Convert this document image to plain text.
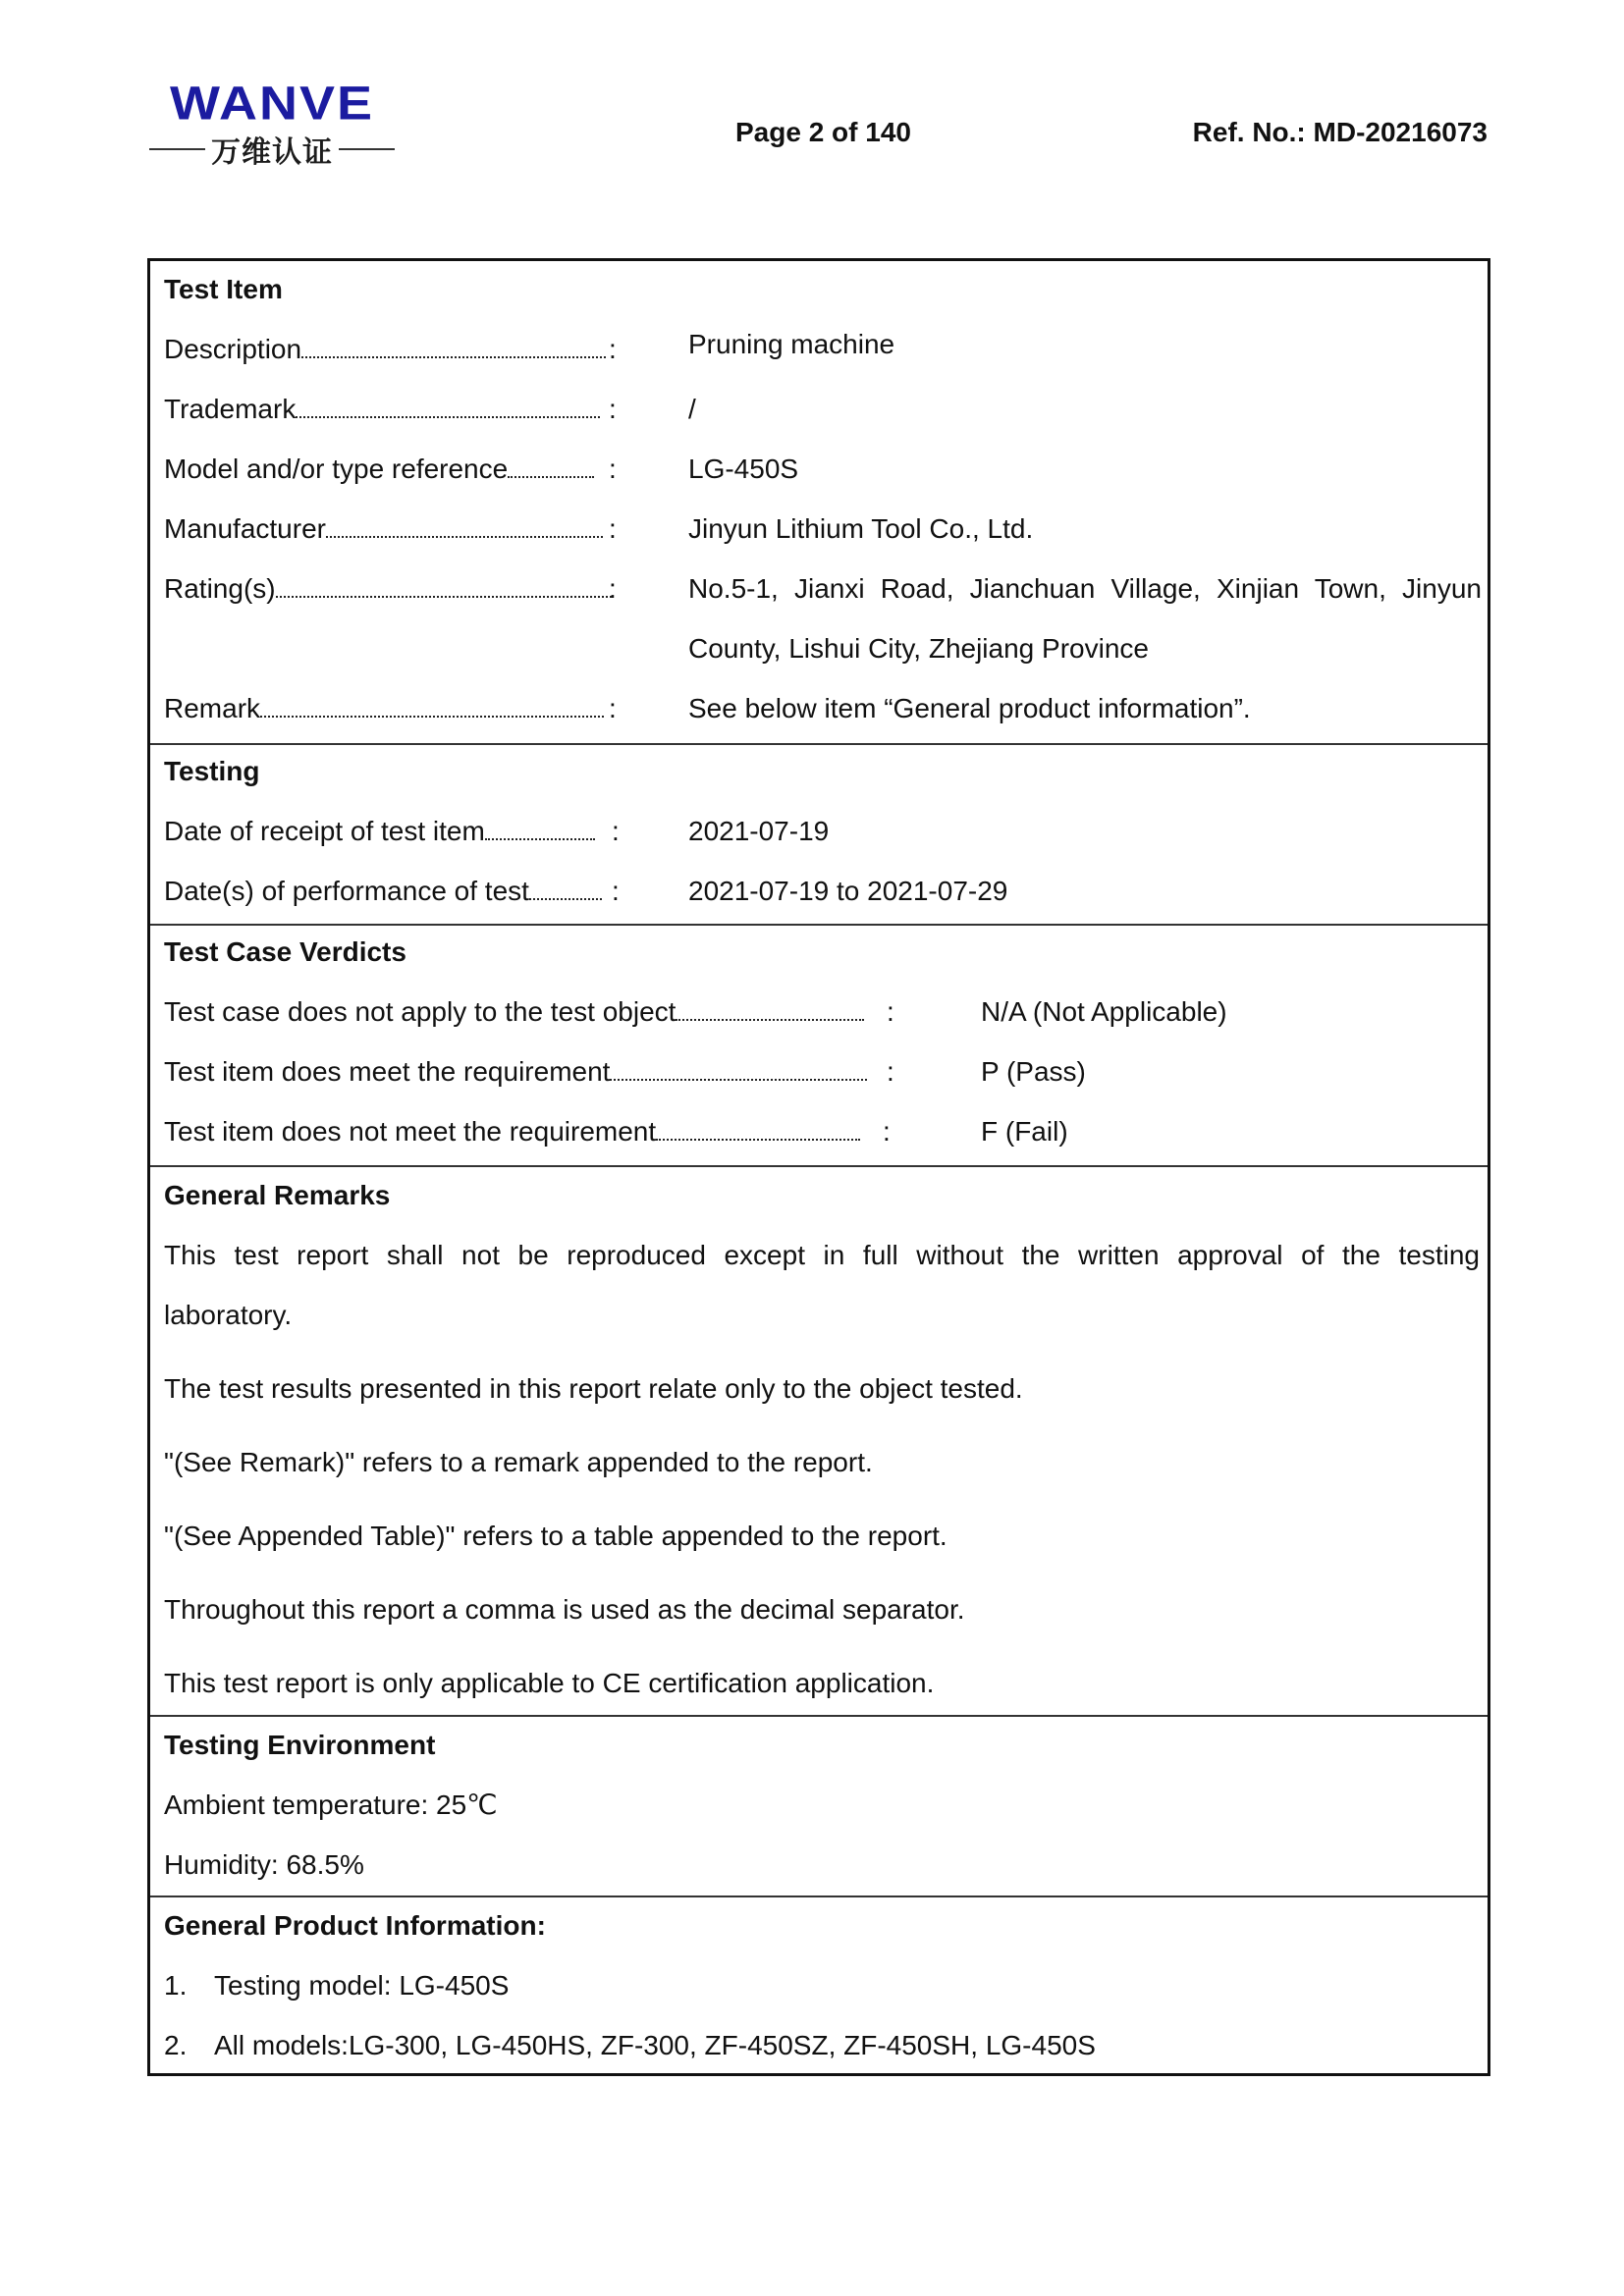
WANVE
万维认证
Page 2 of 140	Ref. No.: MD-20216073
Test Item
Description	:	Pruning machine
Trademark	:	/
Model and/or type reference	:	LG-450S
Manufacturer	:	Jinyun Lithium Tool Co., Ltd.
Rating(s)	:	No.5-1, Jianxi Road, Jianchuan Village, Xinjian Town, Jinyun
County, Lishui City, Zhejiang Province
Remark	:	See below item “General product information”.
Testing
Date of receipt of test item	:	2021-07-19
Date(s) of performance of test	:	2021-07-19 to 2021-07-29
Test Case Verdicts
Test case does not apply to the test object	:	N/A (Not Applicable)
Test item does meet the requirement	:	P (Pass)
Test item does not meet the requirement	:	F (Fail)
General Remarks
This test report shall not be reproduced except in full without the written approval of the testing
laboratory.
The test results presented in this report relate only to the object tested.
"(See Remark)" refers to a remark appended to the report.
"(See Appended Table)" refers to a table appended to the report.
Throughout this report a comma is used as the decimal separator.
This test report is only applicable to CE certification application.
Testing Environment
Ambient temperature: 25℃
Humidity: 68.5%
General Product Information:
1. Testing model: LG-450S
2. All models:LG-300, LG-450HS, ZF-300, ZF-450SZ, ZF-450SH, LG-450S
